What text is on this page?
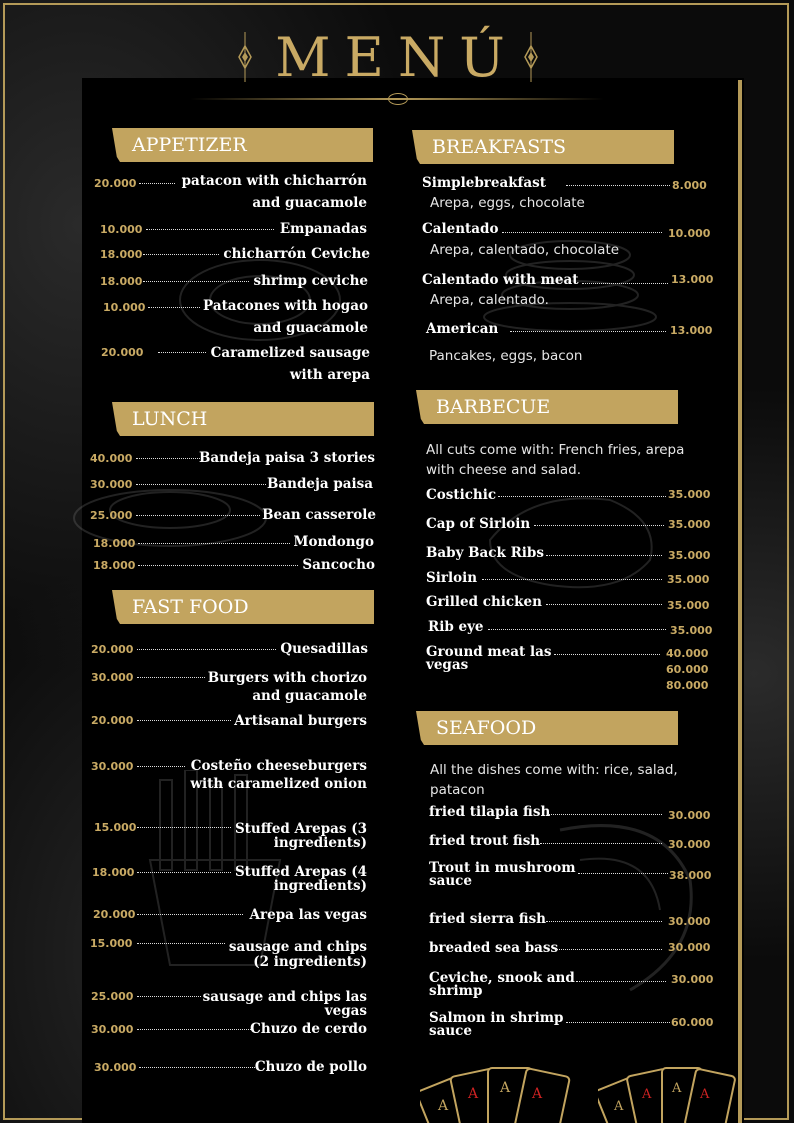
MENÚ
A
A A A
A
A A A
APPETIZER
20.000	patacon with chicharrón
and guacamole
10.000	Empanadas
18.000	chicharrón Ceviche
18.000	shrimp ceviche
10.000	Patacones with hogao
and guacamole
20.000	Caramelized sausage
with arepa
LUNCH
40.000	Bandeja paisa 3 stories
30.000	Bandeja paisa
25.000	Bean casserole
18.000	Mondongo
18.000	Sancocho
FAST FOOD
20.000	Quesadillas
30.000	Burgers with chorizo
and guacamole
20.000	Artisanal burgers
30.000	Costeño cheeseburgers
with caramelized onion
15.000	Stuffed Arepas (3
ingredients)
18.000	Stuffed Arepas (4
ingredients)
20.000	Arepa las vegas
15.000	sausage and chips
(2 ingredients)
25.000	sausage and chips las
vegas
30.000	Chuzo de cerdo
30.000	Chuzo de pollo
BREAKFASTS
Simplebreakfast	8.000
Arepa, eggs, chocolate
Calentado	10.000
Arepa, calentado, chocolate
Calentado with meat	13.000
Arepa, calentado.
American	13.000
Pancakes, eggs, bacon
BARBECUE
All cuts come with: French fries, arepa
with cheese and salad.
Costichic	35.000
Cap of Sirloin	35.000
Baby Back Ribs	35.000
Sirloin	35.000
Grilled chicken	35.000
Rib eye	35.000
Ground meat las
vegas
40.000
60.000
80.000
SEAFOOD
All the dishes come with: rice, salad,
patacon
fried tilapia fish	30.000
fried trout fish	30.000
Trout in mushroom
sauce	38.000
fried sierra fish	30.000
breaded sea bass	30.000
Ceviche, snook and
shrimp
30.000
Salmon in shrimp
sauce
60.000
